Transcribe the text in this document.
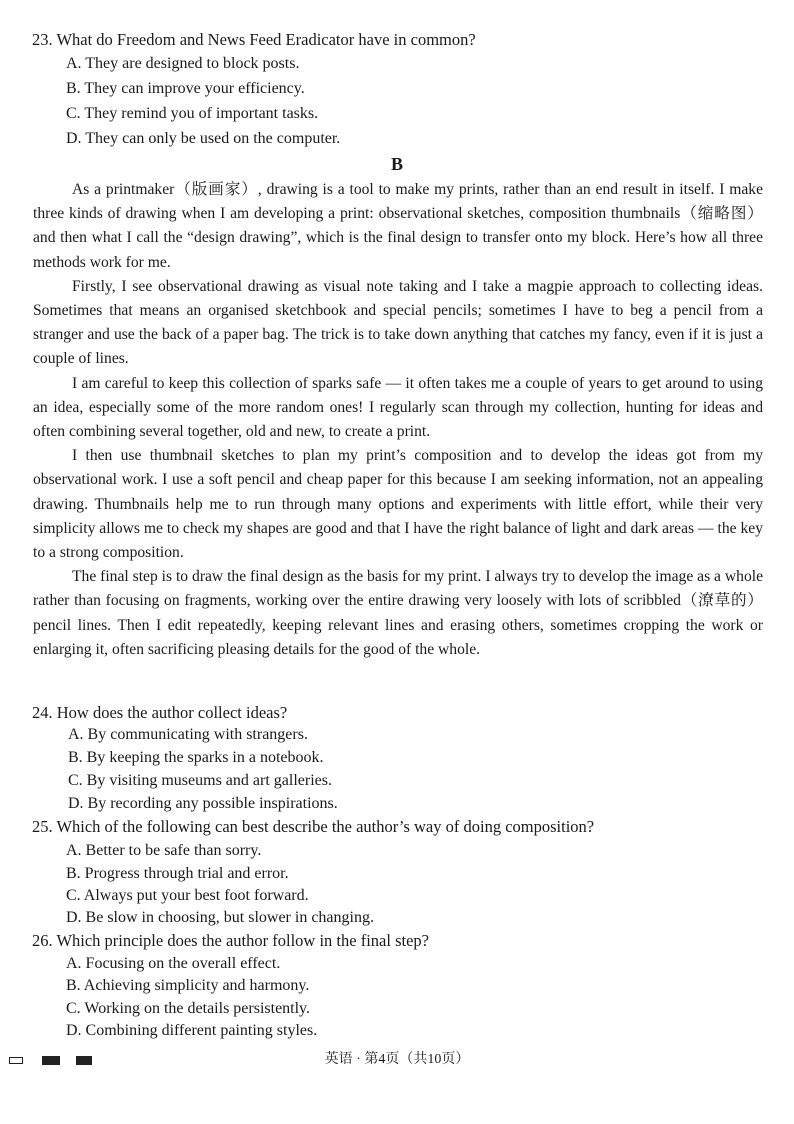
23. What do Freedom and News Feed Eradicator have in common?
A. They are designed to block posts.
B. They can improve your efficiency.
C. They remind you of important tasks.
D. They can only be used on the computer.
B

As a printmaker（版画家）, drawing is a tool to make my prints, rather than an end result in itself. I make three kinds of drawing when I am developing a print: observational sketches, composition thumbnails（缩略图）and then what I call the “design drawing”, which is the final design to transfer onto my block. Here’s how all three methods work for me.

Firstly, I see observational drawing as visual note taking and I take a magpie approach to collecting ideas. Sometimes that means an organised sketchbook and special pencils; sometimes I have to beg a pencil from a stranger and use the back of a paper bag. The trick is to take down anything that catches my fancy, even if it is just a couple of lines.

I am careful to keep this collection of sparks safe — it often takes me a couple of years to get around to using an idea, especially some of the more random ones! I regularly scan through my collection, hunting for ideas and often combining several together, old and new, to create a print.

I then use thumbnail sketches to plan my print’s composition and to develop the ideas got from my observational work. I use a soft pencil and cheap paper for this because I am seeking information, not an appealing drawing. Thumbnails help me to run through many options and experiments with little effort, while their very simplicity allows me to check my shapes are good and that I have the right balance of light and dark areas — the key to a strong composition.

The final step is to draw the final design as the basis for my print. I always try to develop the image as a whole rather than focusing on fragments, working over the entire drawing very loosely with lots of scribbled（潦草的）pencil lines. Then I edit repeatedly, keeping relevant lines and erasing others, sometimes cropping the work or enlarging it, often sacrificing pleasing details for the good of the whole.

24. How does the author collect ideas?
A. By communicating with strangers.
B. By keeping the sparks in a notebook.
C. By visiting museums and art galleries.
D. By recording any possible inspirations.
25. Which of the following can best describe the author’s way of doing composition?
A. Better to be safe than sorry.
B. Progress through trial and error.
C. Always put your best foot forward.
D. Be slow in choosing, but slower in changing.
26. Which principle does the author follow in the final step?
A. Focusing on the overall effect.
B. Achieving simplicity and harmony.
C. Working on the details persistently.
D. Combining different painting styles.
英语 · 第4页（共10页）
